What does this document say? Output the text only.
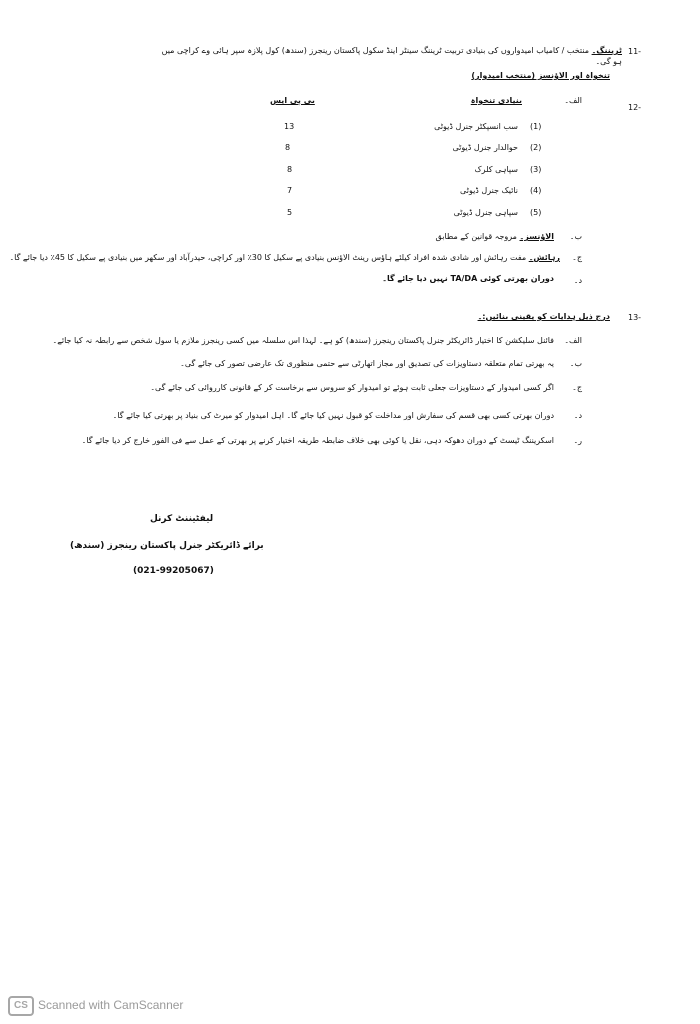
11-
ٹریننگ۔ منتخب / کامیاب امیدواروں کی بنیادی تربیت ٹریننگ سینٹر اینڈ سکول پاکستان رینجرز (سندھ) کول پلازہ سپر ہائی وے کراچی میں ہو گی۔
12-
تنخواہ اور الاؤنسز (منتخب امیدوار)
الف۔
بنیادی تنخواہ
بی پی ایس
(1)
سب انسپکٹر جنرل ڈیوٹی
13
(2)
حوالدار جنرل ڈیوٹی
8
(3)
سپاہی کلرک
8
(4)
نائیک جنرل ڈیوٹی
7
(5)
سپاہی جنرل ڈیوٹی
5
ب۔
الاؤنسز۔ مروجہ قوانین کے مطابق
ج۔
رہائش۔ مفت رہائش اور شادی شدہ افراد کیلئے ہاؤس رینٹ الاؤنس بنیادی پے سکیل کا 30٪ اور کراچی، حیدرآباد اور سکھر میں بنیادی پے سکیل کا 45٪ دیا جائے گا۔
د۔
دوران بھرتی کوئی TA/DA نہیں دیا جائے گا۔
13-
درج ذیل ہدایات کو یقینی بنائیں:۔
الف۔
فائنل سلیکشن کا اختیار ڈائریکٹر جنرل پاکستان رینجرز (سندھ) کو ہے۔ لہذا اس سلسلہ میں کسی رینجرز ملازم یا سول شخص سے رابطہ نہ کیا جائے۔
ب۔
یہ بھرتی تمام متعلقہ دستاویزات کی تصدیق اور مجاز اتھارٹی سے حتمی منظوری تک عارضی تصور کی جائے گی۔
ج۔
اگر کسی امیدوار کے دستاویزات جعلی ثابت ہوئے تو امیدوار کو سروس سے برخاست کر کے قانونی کارروائی کی جائے گی۔
د۔
دوران بھرتی کسی بھی قسم کی سفارش اور مداخلت کو قبول نہیں کیا جائے گا۔ اہل امیدوار کو میرٹ کی بنیاد پر بھرتی کیا جائے گا۔
ر۔
اسکریننگ ٹیسٹ کے دوران دھوکہ دہی، نقل یا کوئی بھی خلاف ضابطہ طریقہ اختیار کرنے پر بھرتی کے عمل سے فی الفور خارج کر دیا جائے گا۔
لیفٹیننٹ کرنل
برائے ڈائریکٹر جنرل پاکستان رینجرز (سندھ)
(021-99205067)
CS Scanned with CamScanner
